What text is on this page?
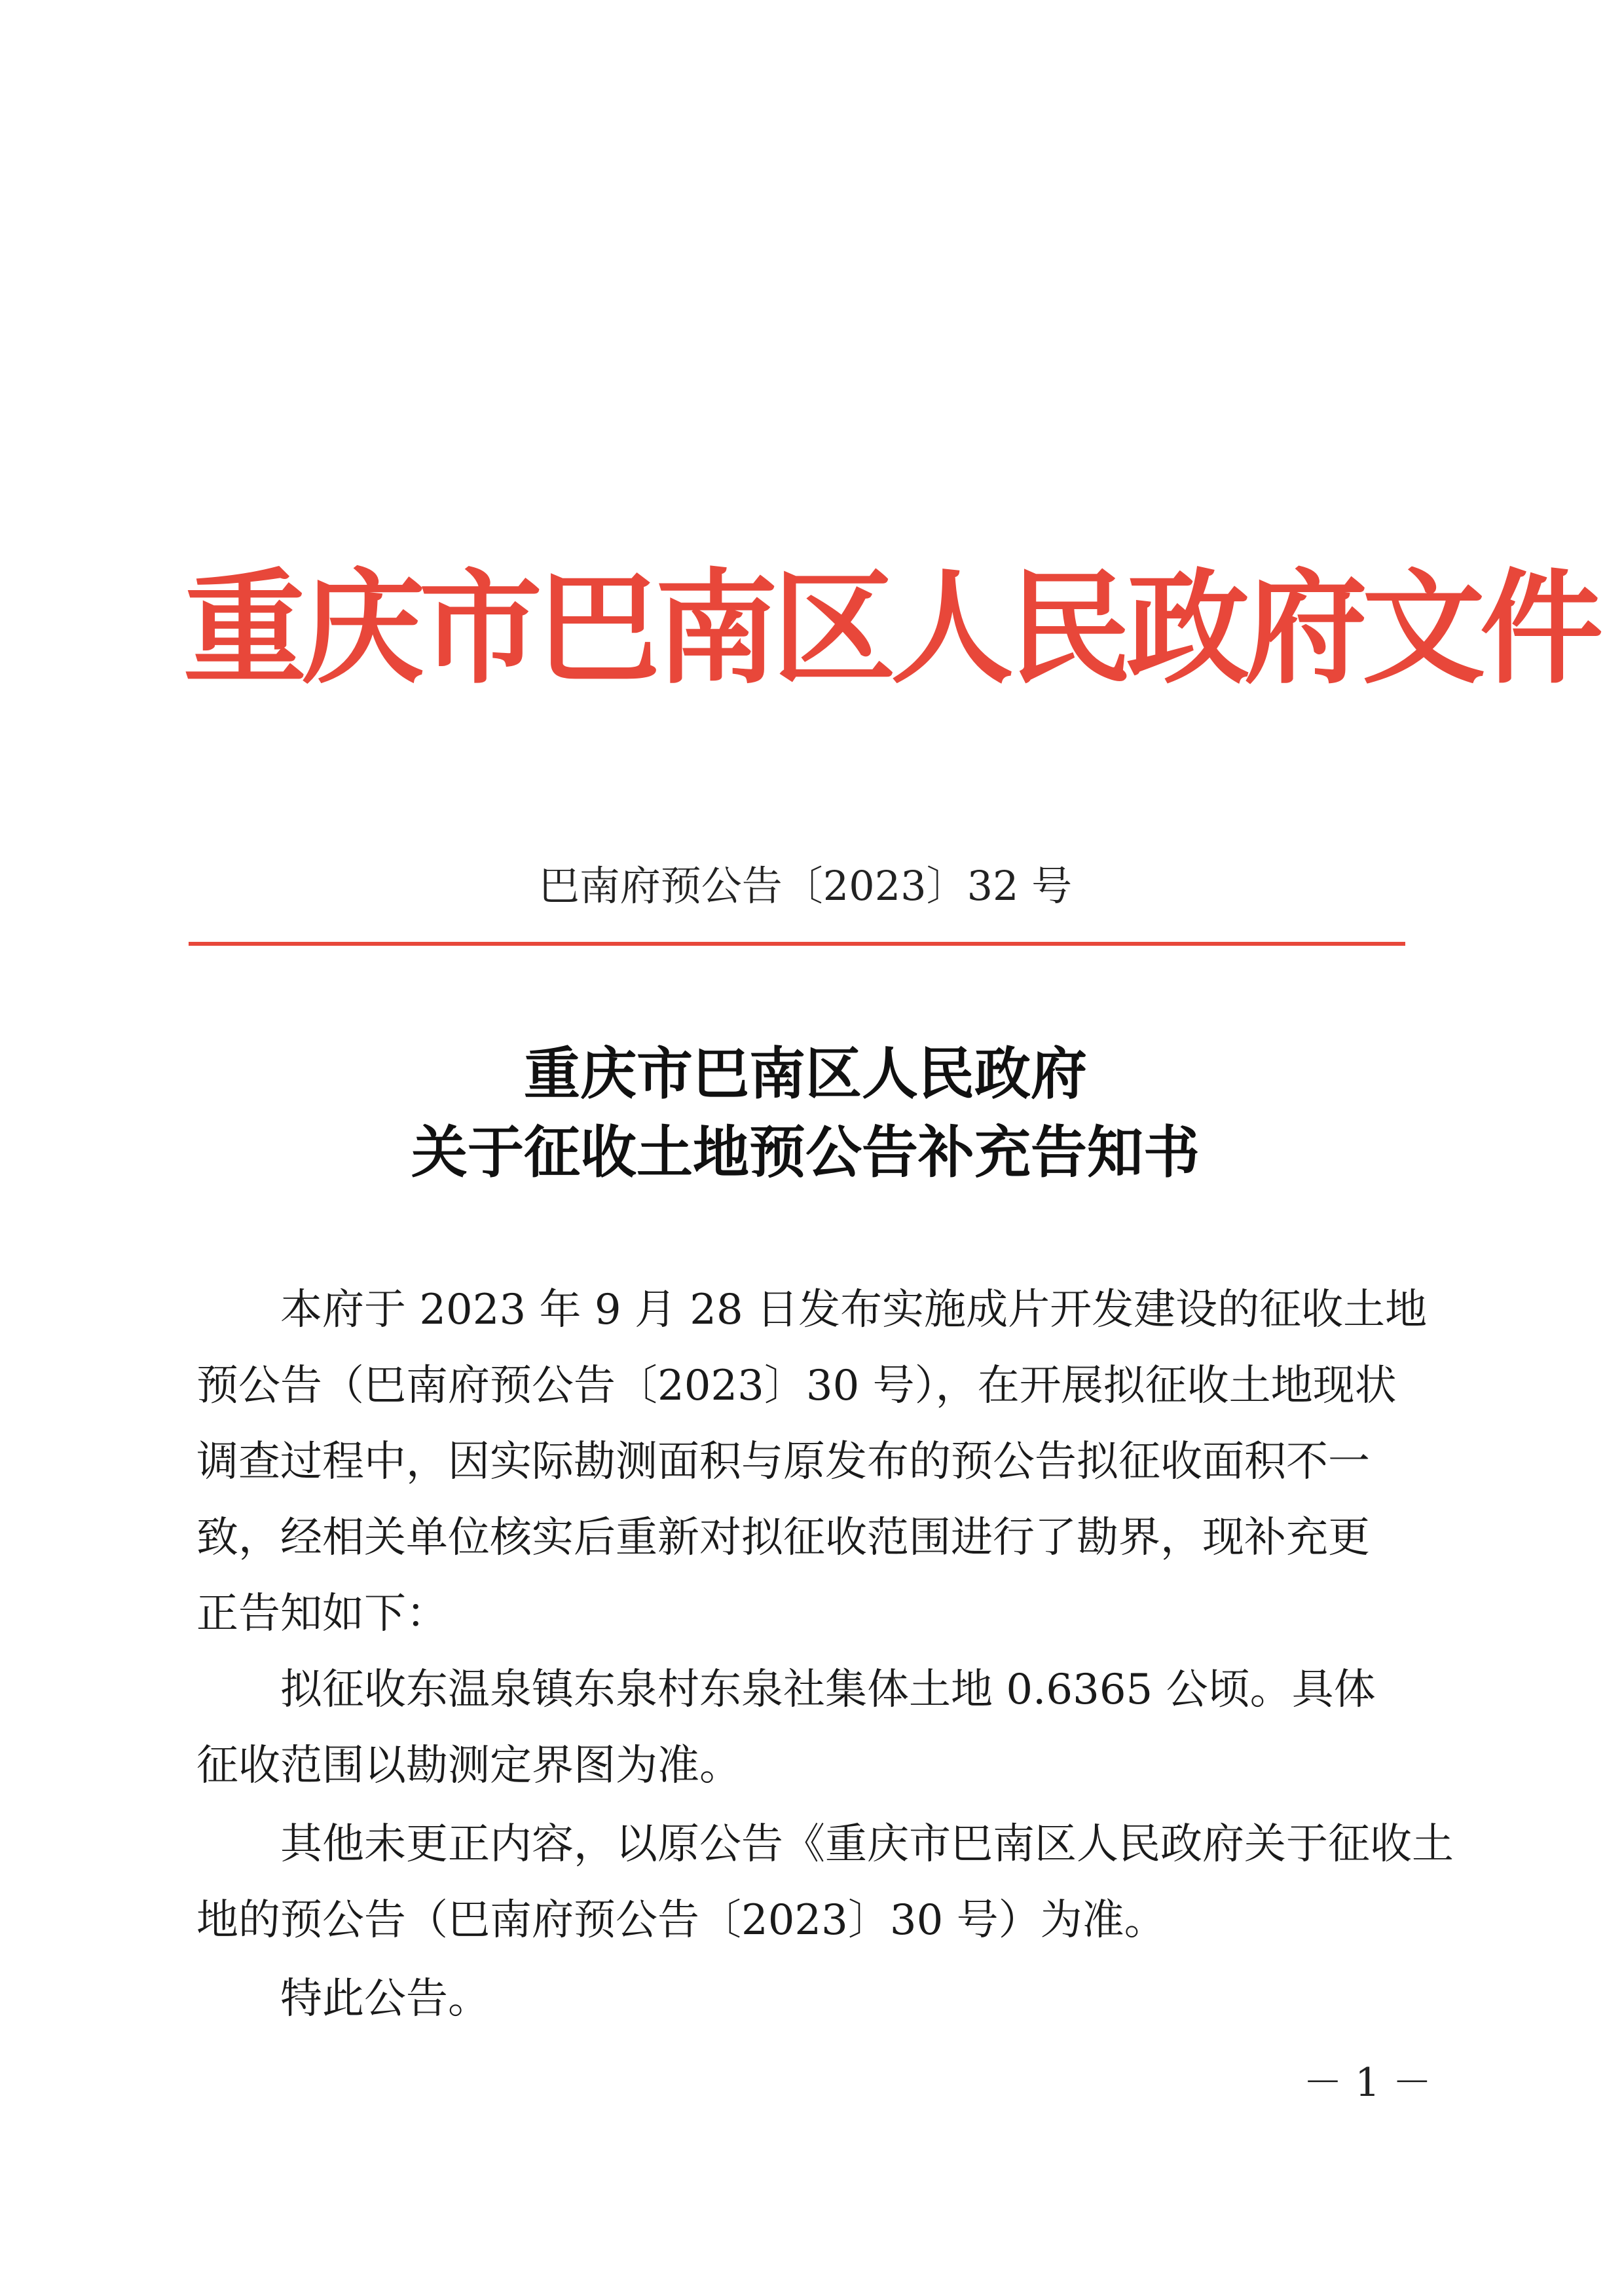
重庆市巴南区人民政府文件
巴南府预公告〔2023〕32 号
重庆市巴南区人民政府
关于征收土地预公告补充告知书
本府于 2023 年 9 月 28 日发布实施成片开发建设的征收土地
预公告（巴南府预公告〔2023〕30 号），在开展拟征收土地现状
调查过程中，因实际勘测面积与原发布的预公告拟征收面积不一
致，经相关单位核实后重新对拟征收范围进行了勘界，现补充更
正告知如下：
拟征收东温泉镇东泉村东泉社集体土地 0.6365 公顷。具体
征收范围以勘测定界图为准。
其他未更正内容，以原公告《重庆市巴南区人民政府关于征收土
地的预公告（巴南府预公告〔2023〕30 号）为准。
特此公告。
－ 1 －
